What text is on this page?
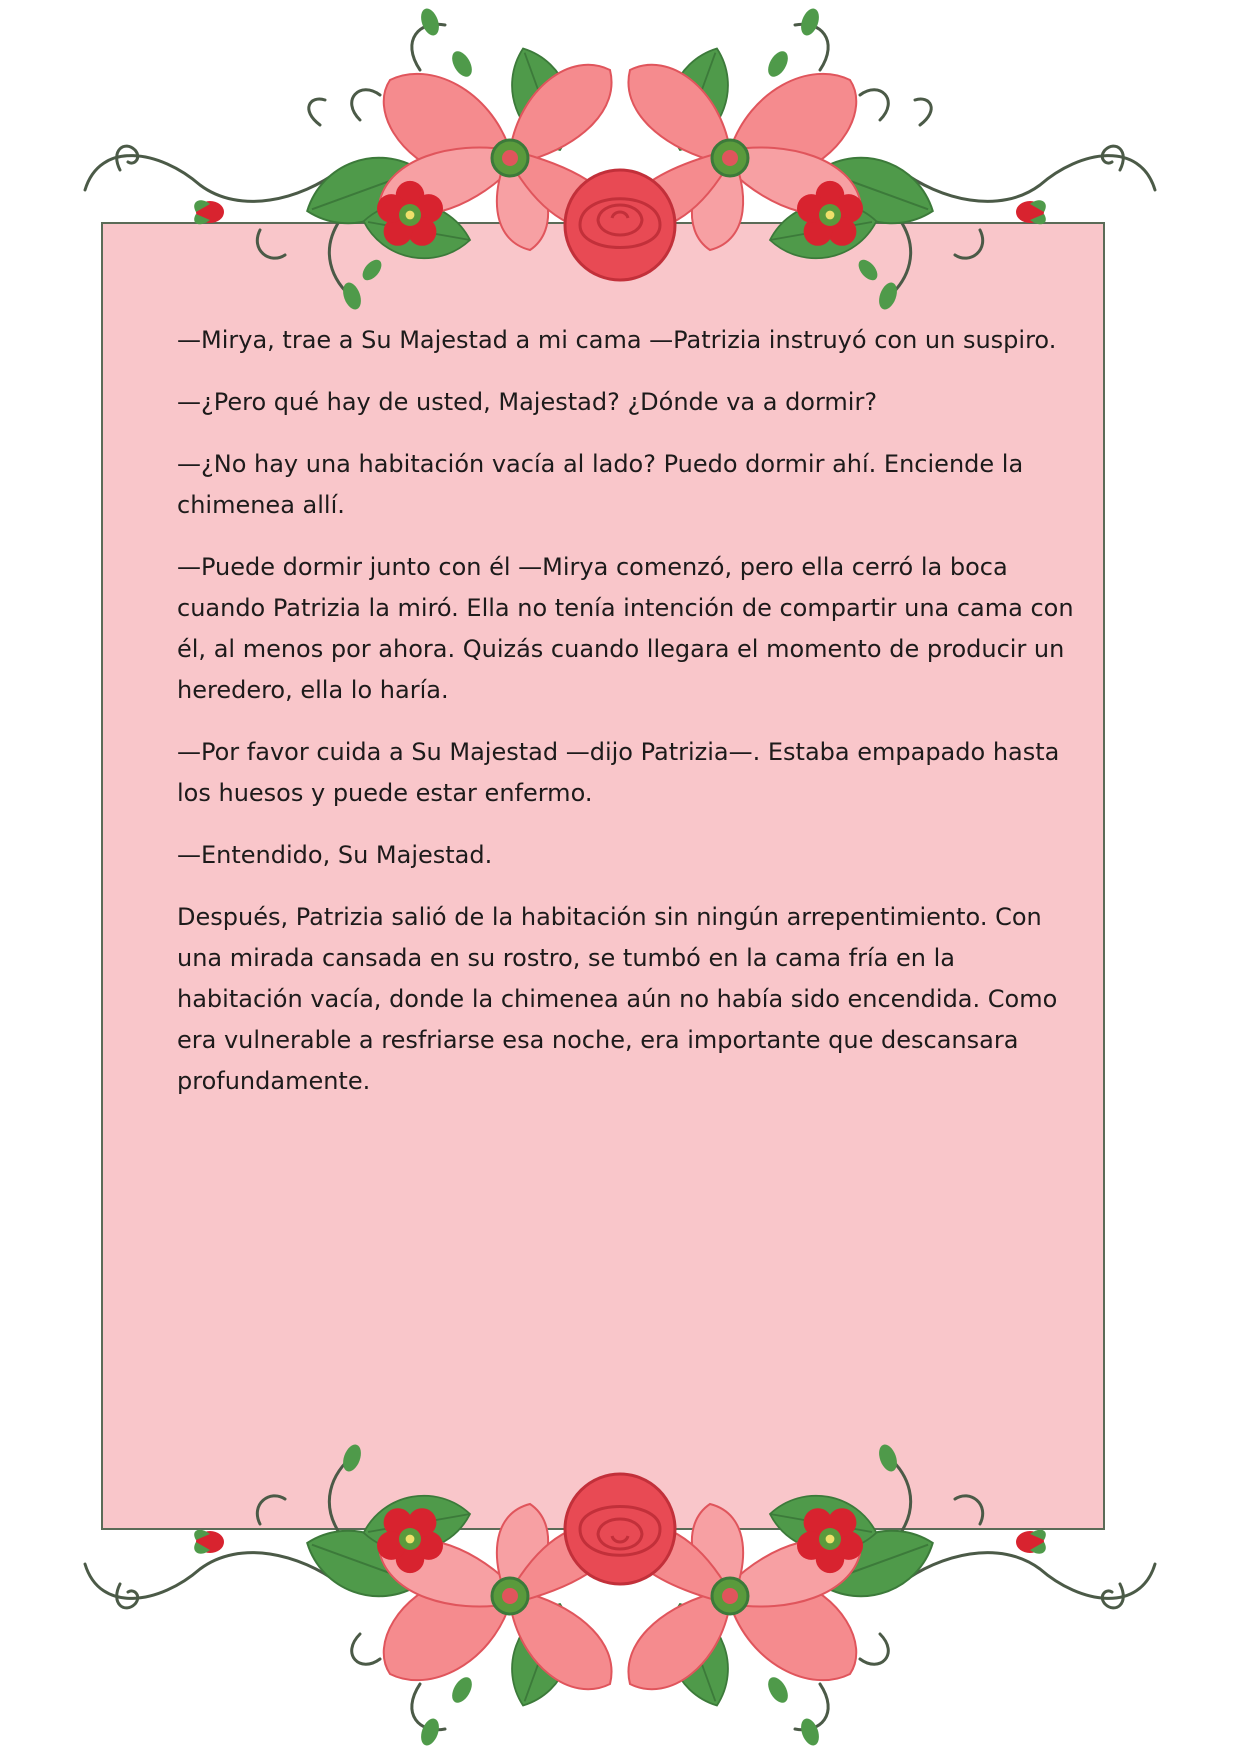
—Mirya, trae a Su Majestad a mi cama —Patrizia instruyó con un suspiro.

—¿Pero qué hay de usted, Majestad? ¿Dónde va a dormir?

—¿No hay una habitación vacía al lado? Puedo dormir ahí. Enciende la chimenea allí.

—Puede dormir junto con él —Mirya comenzó, pero ella cerró la boca cuando Patrizia la miró. Ella no tenía intención de compartir una cama con él, al menos por ahora. Quizás cuando llegara el momento de producir un heredero, ella lo haría.

—Por favor cuida a Su Majestad —dijo Patrizia—. Estaba empapado hasta los huesos y puede estar enfermo.

—Entendido, Su Majestad.

Después, Patrizia salió de la habitación sin ningún arrepentimiento. Con una mirada cansada en su rostro, se tumbó en la cama fría en la habitación vacía, donde la chimenea aún no había sido encendida. Como era vulnerable a resfriarse esa noche, era importante que descansara profundamente.
